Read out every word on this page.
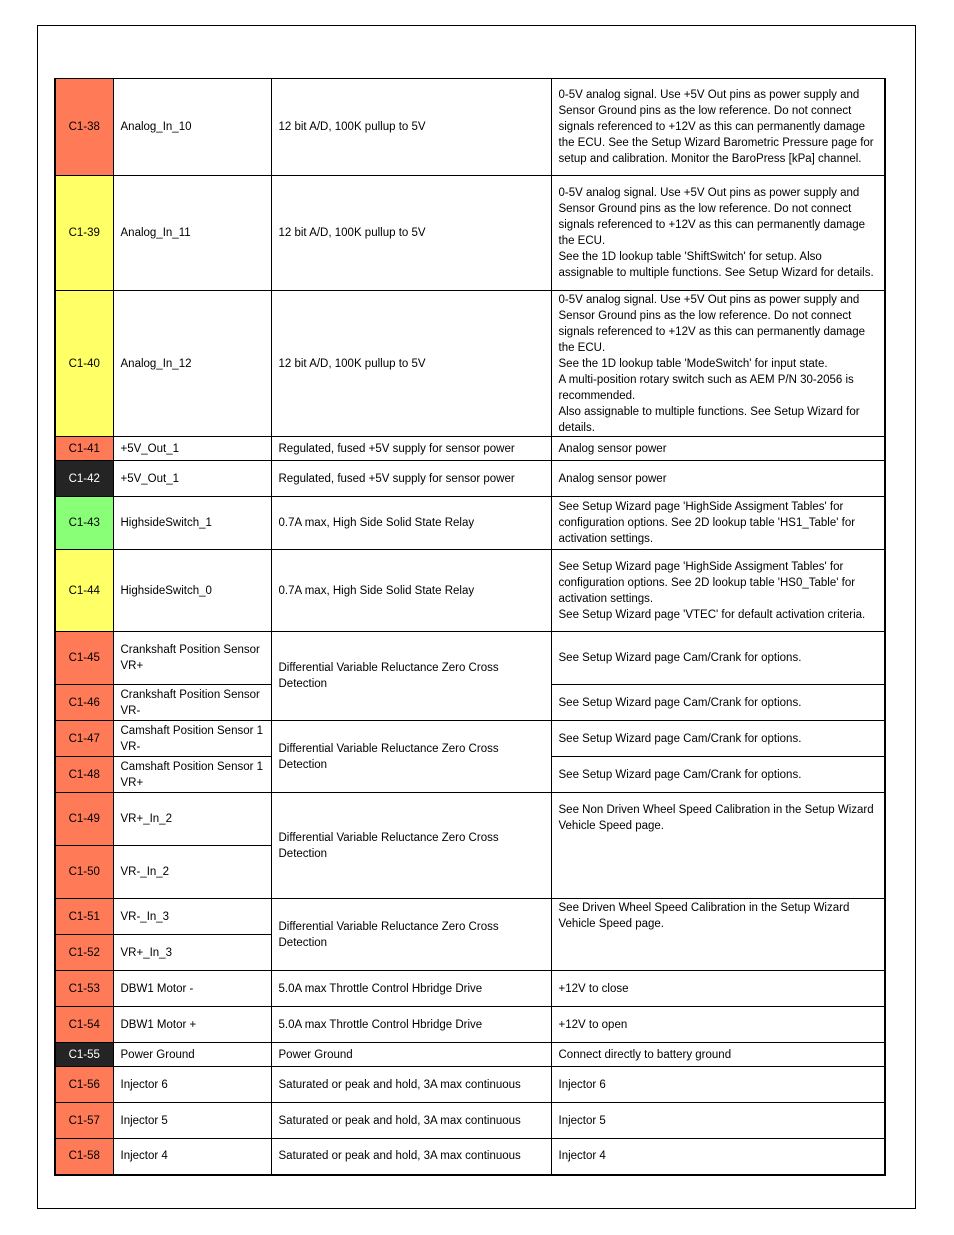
C1-38	Analog_In_10	12 bit A/D, 100K pullup to 5V	0-5V analog signal. Use +5V Out pins as power supply and Sensor Ground pins as the low reference. Do not connect signals referenced to +12V as this can permanently damage the ECU. See the Setup Wizard Barometric Pressure page for setup and calibration. Monitor the BaroPress [kPa] channel.

C1-39	Analog_In_11	12 bit A/D, 100K pullup to 5V	0-5V analog signal. Use +5V Out pins as power supply and Sensor Ground pins as the low reference. Do not connect signals referenced to +12V as this can permanently damage the ECU.
See the 1D lookup table 'ShiftSwitch' for setup. Also assignable to multiple functions. See Setup Wizard for details.

C1-40	Analog_In_12	12 bit A/D, 100K pullup to 5V	0-5V analog signal. Use +5V Out pins as power supply and Sensor Ground pins as the low reference. Do not connect signals referenced to +12V as this can permanently damage the ECU.
See the 1D lookup table 'ModeSwitch' for input state.
A multi-position rotary switch such as AEM P/N 30-2056 is recommended.
Also assignable to multiple functions. See Setup Wizard for details.

C1-41	+5V_Out_1	Regulated, fused +5V supply for sensor power	Analog sensor power

C1-42	+5V_Out_1	Regulated, fused +5V supply for sensor power	Analog sensor power

C1-43	HighsideSwitch_1	0.7A max, High Side Solid State Relay	See Setup Wizard page 'HighSide Assigment Tables' for configuration options. See 2D lookup table 'HS1_Table' for activation settings.

C1-44	HighsideSwitch_0	0.7A max, High Side Solid State Relay	See Setup Wizard page 'HighSide Assigment Tables' for configuration options. See 2D lookup table 'HS0_Table' for activation settings.
See Setup Wizard page 'VTEC' for default activation criteria.

C1-45	Crankshaft Position Sensor VR+	Differential Variable Reluctance Zero Cross Detection	See Setup Wizard page Cam/Crank for options.

C1-46	Crankshaft Position Sensor VR-		See Setup Wizard page Cam/Crank for options.

C1-47	Camshaft Position Sensor 1 VR-	Differential Variable Reluctance Zero Cross Detection	See Setup Wizard page Cam/Crank for options.

C1-48	Camshaft Position Sensor 1 VR+		See Setup Wizard page Cam/Crank for options.

C1-49	VR+_In_2	Differential Variable Reluctance Zero Cross Detection	See Non Driven Wheel Speed Calibration in the Setup Wizard Vehicle Speed page.

C1-50	VR-_In_2		
C1-51	VR-_In_3	Differential Variable Reluctance Zero Cross Detection	See Driven Wheel Speed Calibration in the Setup Wizard Vehicle Speed page.

C1-52	VR+_In_3		
C1-53	DBW1 Motor -	5.0A max Throttle Control Hbridge Drive	+12V to close

C1-54	DBW1 Motor +	5.0A max Throttle Control Hbridge Drive	+12V to open

C1-55	Power Ground	Power Ground	Connect directly to battery ground

C1-56	Injector 6	Saturated or peak and hold, 3A max continuous	Injector 6

C1-57	Injector 5	Saturated or peak and hold, 3A max continuous	Injector 5

C1-58	Injector 4	Saturated or peak and hold, 3A max continuous	Injector 4
